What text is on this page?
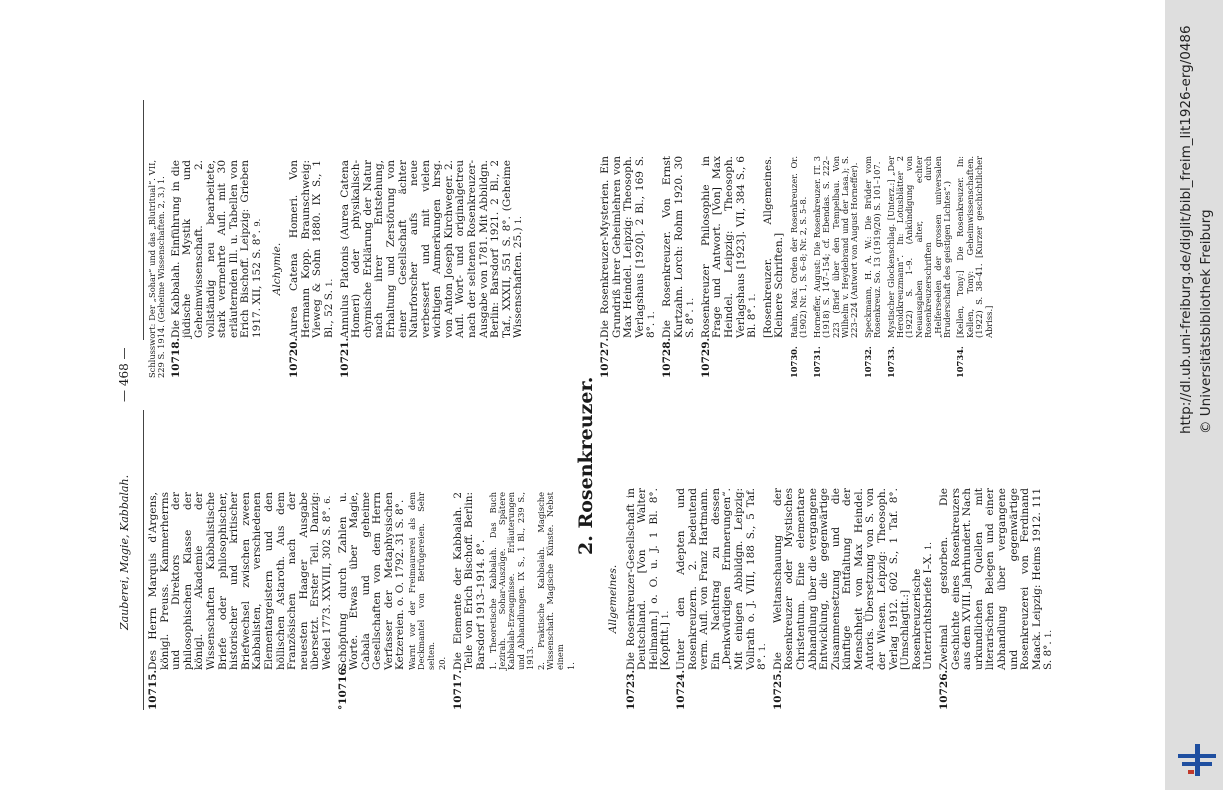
Zauberei, Magie, Kabbalah.
— 468 —
10715.
Des Herrn Marquis d'Argens, königl. Preuss. Kammerherrns und Direktors der philosophischen Klasse der königl. Akademie der Wissenschaften Kabbalistische Briefe oder philosophischer, historischer und kritischer Briefwechsel zwischen zween Kabbalisten, verschiedenen Elementargeistern und den höllischen Astaroth. Aus dem Französischen nach der neuesten Haager Ausgabe übersetzt. Erster Teil. Danzig: Wedel 1773. XXVIII, 302 S. 8°. 6.
°10716.
Schöpfung durch Zahlen u. Worte. Etwas über Magie, Cabala und geheime Gesellschaften von dem Herrn Verfasser der Metaphysischen Ketzereien. o. O. 1792. 31 S. 8°. Warnt vor der Freimaurerei als dem Deckmantel von Betrügereien. Sehr selten. 20.
10717.
Die Elemente der Kabbalah. 2 Teile von Erich Bischoff. Berlin: Barsdorf 1913–1914. 8°. 1. Theoretische Kabbalah. Das Buch Jezirah. Sohar-Auszüge. Spätere Kabbalah-Erzeugnisse. Erläuterungen und Abhandlungen. IX S., 1 Bl., 239 S., 1913. 2. Praktische Kabbalah. Magische Wissenschaft. Magische Künste. Nebst einem 1.
Schlusswort: Der „Sohar“ und das „Blutritual“. VII, 229 S. 1914. (Geheime Wissenschaften. 2, 3.) 1. 10718.
Die Kabbalah. Einführung in die jüdische Mystik und Geheimwissenschaft. 2. vollständig neu bearbeitete, stark vermehrte Aufl. mit 30 erläuternden Ill. u. Tabellen von Erich Bischoff. Leipzig: Grieben 1917. XII, 152 S. 8°. 9.
Alchymie.
10720.
Aurea Catena Homeri. Von Hermann Kopp. Braunschweig: Vieweg & Sohn 1880. IX S., 1 Bl., 52 S. 1.
10721.
Annulus Platonis (Aurea Catena Homeri) oder physikalisch-chymische Erklärung der Natur nach ihrer Entstehung, Erhaltung und Zerstörung von einer Gesellschaft ächter Naturforscher aufs neue verbessert und mit vielen wichtigen Anmerkungen hrsg. von Anton Joseph Kirchweger. 2. Aufl. Wort- und originalgetreu nach der seltenen Rosenkreuzer-Ausgabe von 1781. Mit Abbildgn. Berlin: Barsdorf 1921. 2 Bl., 2 Taf., XXXII, 551 S. 8°. (Geheime Wissenschaften. 25.) 1.
2. Rosenkreuzer.
Allgemeines.
10723.
Die Rosenkreuzer-Gesellschaft in Deutschland. [Von Walter Heilmann.] o. O. u. J. 1 Bl. 8°. [Kopftit.] 1.
10724.
Unter den Adepten und Rosenkreuzern. 2. bedeutend verm. Aufl. von Franz Hartmann. Ein Nachtrag zu dessen „Denkwürdigen Erinnerungen“. Mit einigen Abbildgn. Leipzig: Vollrath o. J. VIII, 188 S., 5 Taf. 8°. 1.
10725.
Die Weltanschauung der Rosenkreuzer oder Mystisches Christentum. Eine elementare Abhandlung über die vergangene Entwicklung, die gegenwärtige Zusammensetzung und die künftige Entfaltung der Menschheit von Max Heindel. Autoris. Übersetzung von S. von der Wiesen. Leipzig: Theosoph. Verlag 1912. 602 S., 1 Taf. 8°. [Umschlagtit.:] Rosenkreuzerische Unterrichtsbriefe I–X. 1.
10726.
Zweimal gestorben. Die Geschichte eines Rosenkreuzers aus dem XVIII. Jahrhundert. Nach urkundlichen Quellen mit literarischen Belegen und einer Abhandlung über vergangene und gegenwärtige Rosenkreuzerei von Ferdinand Maack. Leipzig: Heims 1912. 111 S. 8°. 1.
10727.
Die Rosenkreuzer-Mysterien. Ein Grundriß ihrer Geheimlehren von Max Heindel. Leipzig: Theosoph. Verlagshaus [1920]. 2 Bl., 169 S. 8°. 1.
10728.
Die Rosenkreuzer. Von Ernst Kurtzahn. Lorch: Rohm 1920. 30 S. 8°. 1.
10729.
Rosenkreuzer Philosophie in Frage und Antwort. [Von] Max Heindel. Leipzig: Theosoph. Verlagshaus [1923]. VII, 384 S., 6 Bl. 8°. 1. [Rosenkreuzer. Allgemeines. Kleinere Schriften.]
10730.
Rahn, Max: Orden der Rosenkreuzer. Or. (1902) Nr. 1, S. 6–8; Nr. 2, S. 5–8.
10731.
Horneffer, August: Die Rosenkreuzer. IT. 3 (1918) S. 147–154; cf. Ebendas. S. 222–223 (Brief über den Tempelbau. Von Wilhelm v. Heydebrand und der Lasa.); S. 223–224 (Antwort von August Horneffer).
10732.
Speckmann, H. A. W.: Die Brüder vom Rosenkreuz. So. 13 (1919/20) S. 101–107.
10733.
Mystischer Glockenschlag. [Unterz.:] „Der Heroldkreuzmann“. In: Lotusblätter 2 (1922) S. 1–9. (Ankündigung von Neuausgaben alter, echter Rosenkreuzerschriften durch „Helferseelen der grossen universalen Bruderschaft des geistigen Lichtes“.)
10734.
[Kellen, Tony:] Die Rosenkreuzer. In: Kellen, Tony: Geheimwissenschaften. (1922) S. 38–41. [Kurzer geschichtlicher Abriss.]	http://dl.ub.uni-freiburg.de/diglit/bibl_freim_lit1926-erg/0486 © Universitätsbibliothek Freiburg
